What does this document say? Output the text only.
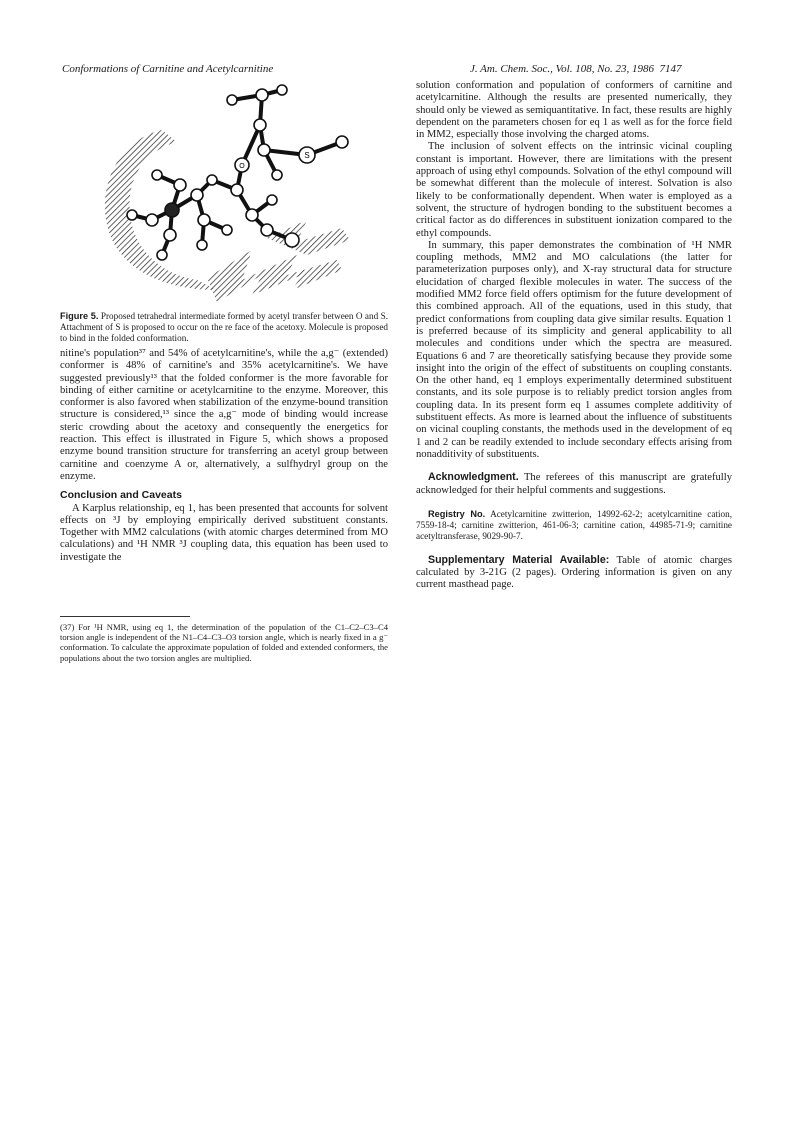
Conformations of Carnitine and Acetylcarnitine	J. Am. Chem. Soc., Vol. 108, No. 23, 1986  7147
S
O
Figure 5. Proposed tetrahedral intermediate formed by acetyl transfer between O and S. Attachment of S is proposed to occur on the re face of the acetoxy. Molecule is proposed to bind in the folded conformation.

nitine's population³⁷ and 54% of acetylcarnitine's, while the a,g⁻ (extended) conformer is 48% of carnitine's and 35% acetylcarnitine's. We have suggested previously¹³ that the folded conformer is the more favorable for binding of either carnitine or acetylcarnitine to the enzyme. Moreover, this conformer is also favored when stabilization of the enzyme-bound transition structure is considered,¹³ since the a,g⁻ mode of binding would increase steric crowding about the acetoxy and consequently the energetics for reaction. This effect is illustrated in Figure 5, which shows a proposed enzyme bound transition structure for transferring an acetyl group between carnitine and coenzyme A or, alternatively, a sulfhydryl group on the enzyme.

Conclusion and Caveats

A Karplus relationship, eq 1, has been presented that accounts for solvent effects on ³J by employing empirically derived substituent constants. Together with MM2 calculations (with atomic charges determined from MO calculations) and ¹H NMR ³J coupling data, this equation has been used to investigate the

(37) For ¹H NMR, using eq 1, the determination of the population of the C1–C2–C3–C4 torsion angle is independent of the N1–C4–C3–O3 torsion angle, which is nearly fixed in a g⁻ conformation. To calculate the approximate population of folded and extended conformers, the populations about the two torsion angles are multiplied.

solution conformation and population of conformers of carnitine and acetylcarnitine. Although the results are presented numerically, they should only be viewed as semiquantitative. In fact, these results are highly dependent on the parameters chosen for eq 1 as well as for the force field in MM2, especially those involving the charged atoms.

The inclusion of solvent effects on the intrinsic vicinal coupling constant is important. However, there are limitations with the present approach of using ethyl compounds. Solvation of the ethyl compound will be somewhat different than the molecule of interest. Solvation is also likely to be conformationally dependent. When water is employed as a solvent, the structure of hydrogen bonding to the substituent becomes a critical factor as do differences in substituent ionization compared to the ethyl compounds.

In summary, this paper demonstrates the combination of ¹H NMR coupling methods, MM2 and MO calculations (the latter for parameterization purposes only), and X-ray structural data for structure elucidation of charged flexible molecules in water. The success of the modified MM2 force field offers optimism for the future development of this combined approach. All of the equations, used in this study, that predict conformations from coupling data give similar results. Equation 1 is preferred because of its simplicity and general applicability to all molecules and conditions under which the spectra are measured. Equations 6 and 7 are theoretically satisfying because they provide some insight into the origin of the effect of substituents on coupling constants. On the other hand, eq 1 employs experimentally determined substituent constants, and its sole purpose is to reliably predict torsion angles from coupling data. In its present form eq 1 assumes complete additivity of substituent effects. As more is learned about the influence of substituents on vicinal coupling constants, the methods used in the development of eq 1 and 2 can be readily extended to include secondary effects arising from nonadditivity of substituents.

Acknowledgment. The referees of this manuscript are gratefully acknowledged for their helpful comments and suggestions.

Registry No. Acetylcarnitine zwitterion, 14992-62-2; acetylcarnitine cation, 7559-18-4; carnitine zwitterion, 461-06-3; carnitine cation, 44985-71-9; carnitine acetyltransferase, 9029-90-7.

Supplementary Material Available: Table of atomic charges calculated by 3-21G (2 pages). Ordering information is given on any current masthead page.
